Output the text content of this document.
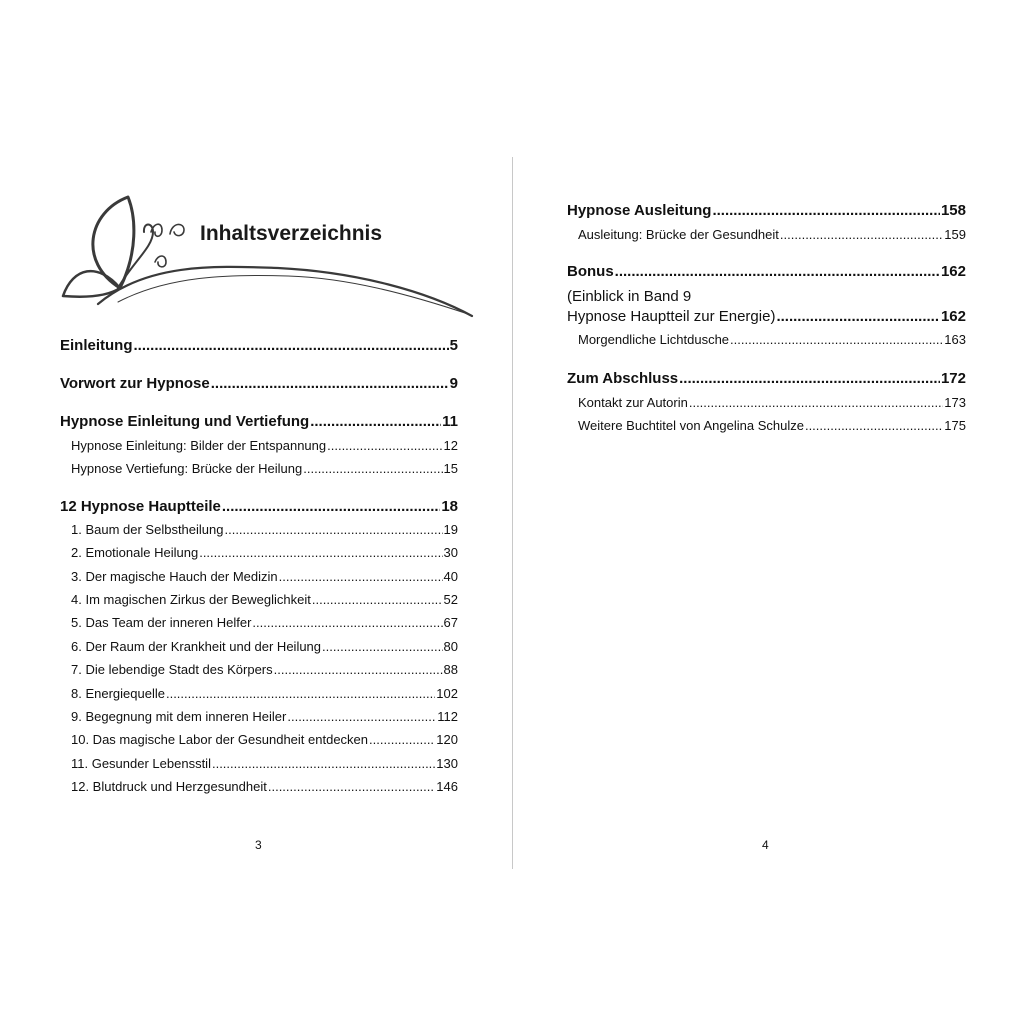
Inhaltsverzeichnis
Einleitung .....	5
Vorwort zur Hypnose .....	9
Hypnose Einleitung und Vertiefung .....	11
Hypnose Einleitung: Bilder der Entspannung .....	12
Hypnose Vertiefung: Brücke der Heilung .....	15
12 Hypnose Hauptteile .....	18
1. Baum der Selbstheilung .....	19
2. Emotionale Heilung .....	30
3. Der magische Hauch der Medizin .....	40
4. Im magischen Zirkus der Beweglichkeit .....	52
5. Das Team der inneren Helfer .....	67
6. Der Raum der Krankheit und der Heilung .....	80
7. Die lebendige Stadt des Körpers .....	88
8. Energiequelle .....	102
9. Begegnung mit dem inneren Heiler .....	112
10. Das magische Labor der Gesundheit entdecken .....	120
11. Gesunder Lebensstil .....	130
12. Blutdruck und Herzgesundheit .....	146
3
Hypnose Ausleitung .....	158
Ausleitung: Brücke der Gesundheit .....	159
Bonus .....	162
(Einblick in Band 9
Hypnose Hauptteil zur Energie) .....	162
Morgendliche Lichtdusche .....	163
Zum Abschluss .....	172
Kontakt zur Autorin .....	173
Weitere Buchtitel von Angelina Schulze .....	175
4
